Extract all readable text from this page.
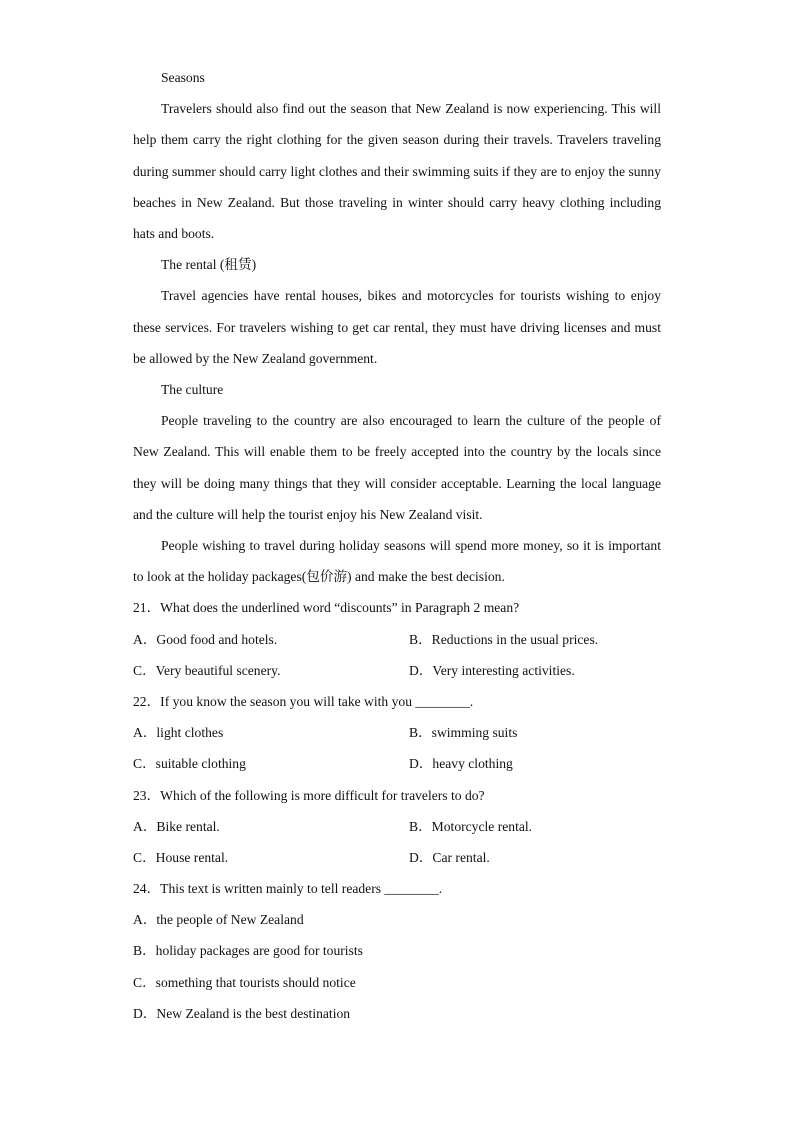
Seasons
Travelers should also find out the season that New Zealand is now experiencing. This will help them carry the right clothing for the given season during their travels. Travelers traveling during summer should carry light clothes and their swimming suits if they are to enjoy the sunny beaches in New Zealand. But those traveling in winter should carry heavy clothing including hats and boots.
The rental (租赁)
Travel agencies have rental houses, bikes and motorcycles for tourists wishing to enjoy these services. For travelers wishing to get car rental, they must have driving licenses and must be allowed by the New Zealand government.
The culture
People traveling to the country are also encouraged to learn the culture of the people of New Zealand. This will enable them to be freely accepted into the country by the locals since they will be doing many things that they will consider acceptable. Learning the local language and the culture will help the tourist enjoy his New Zealand visit.
People wishing to travel during holiday seasons will spend more money, so it is important to look at the holiday packages(包价游) and make the best decision.
21．What does the underlined word “discounts” in Paragraph 2 mean?
A．Good food and hotels.	B．Reductions in the usual prices.
C．Very beautiful scenery.	D．Very interesting activities.
22．If you know the season you will take with you ________.
A．light clothes	B．swimming suits
C．suitable clothing	D．heavy clothing
23．Which of the following is more difficult for travelers to do?
A．Bike rental.	B．Motorcycle rental.
C．House rental.	D．Car rental.
24．This text is written mainly to tell readers ________.
A．the people of New Zealand
B．holiday packages are good for tourists
C．something that tourists should notice
D．New Zealand is the best destination
